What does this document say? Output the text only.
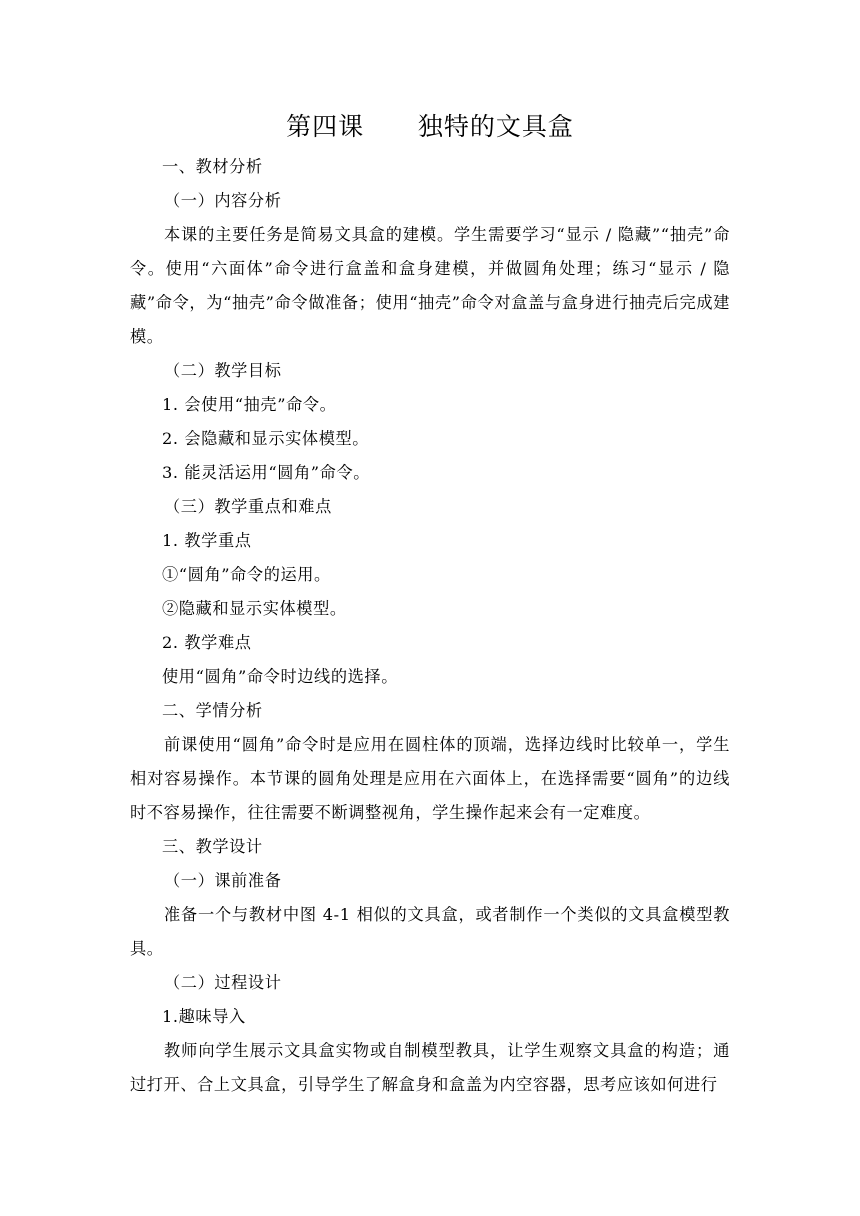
第四课      独特的文具盒

一、教材分析

（一）内容分析

本课的主要任务是简易文具盒的建模。学生需要学习“显示 / 隐藏”“抽壳”命令。使用“六面体”命令进行盒盖和盒身建模，并做圆角处理；练习“显示 / 隐藏”命令，为“抽壳”命令做准备；使用“抽壳”命令对盒盖与盒身进行抽壳后完成建模。

（二）教学目标

1. 会使用“抽壳”命令。

2. 会隐藏和显示实体模型。

3. 能灵活运用“圆角”命令。

（三）教学重点和难点

1. 教学重点

①“圆角”命令的运用。

②隐藏和显示实体模型。

2. 教学难点

使用“圆角”命令时边线的选择。

二、学情分析

前课使用“圆角”命令时是应用在圆柱体的顶端，选择边线时比较单一，学生相对容易操作。本节课的圆角处理是应用在六面体上，在选择需要“圆角”的边线时不容易操作，往往需要不断调整视角，学生操作起来会有一定难度。

三、教学设计

（一）课前准备

准备一个与教材中图 4-1 相似的文具盒，或者制作一个类似的文具盒模型教具。

（二）过程设计

1.趣味导入

教师向学生展示文具盒实物或自制模型教具，让学生观察文具盒的构造；通过打开、合上文具盒，引导学生了解盒身和盒盖为内空容器，思考应该如何进行
